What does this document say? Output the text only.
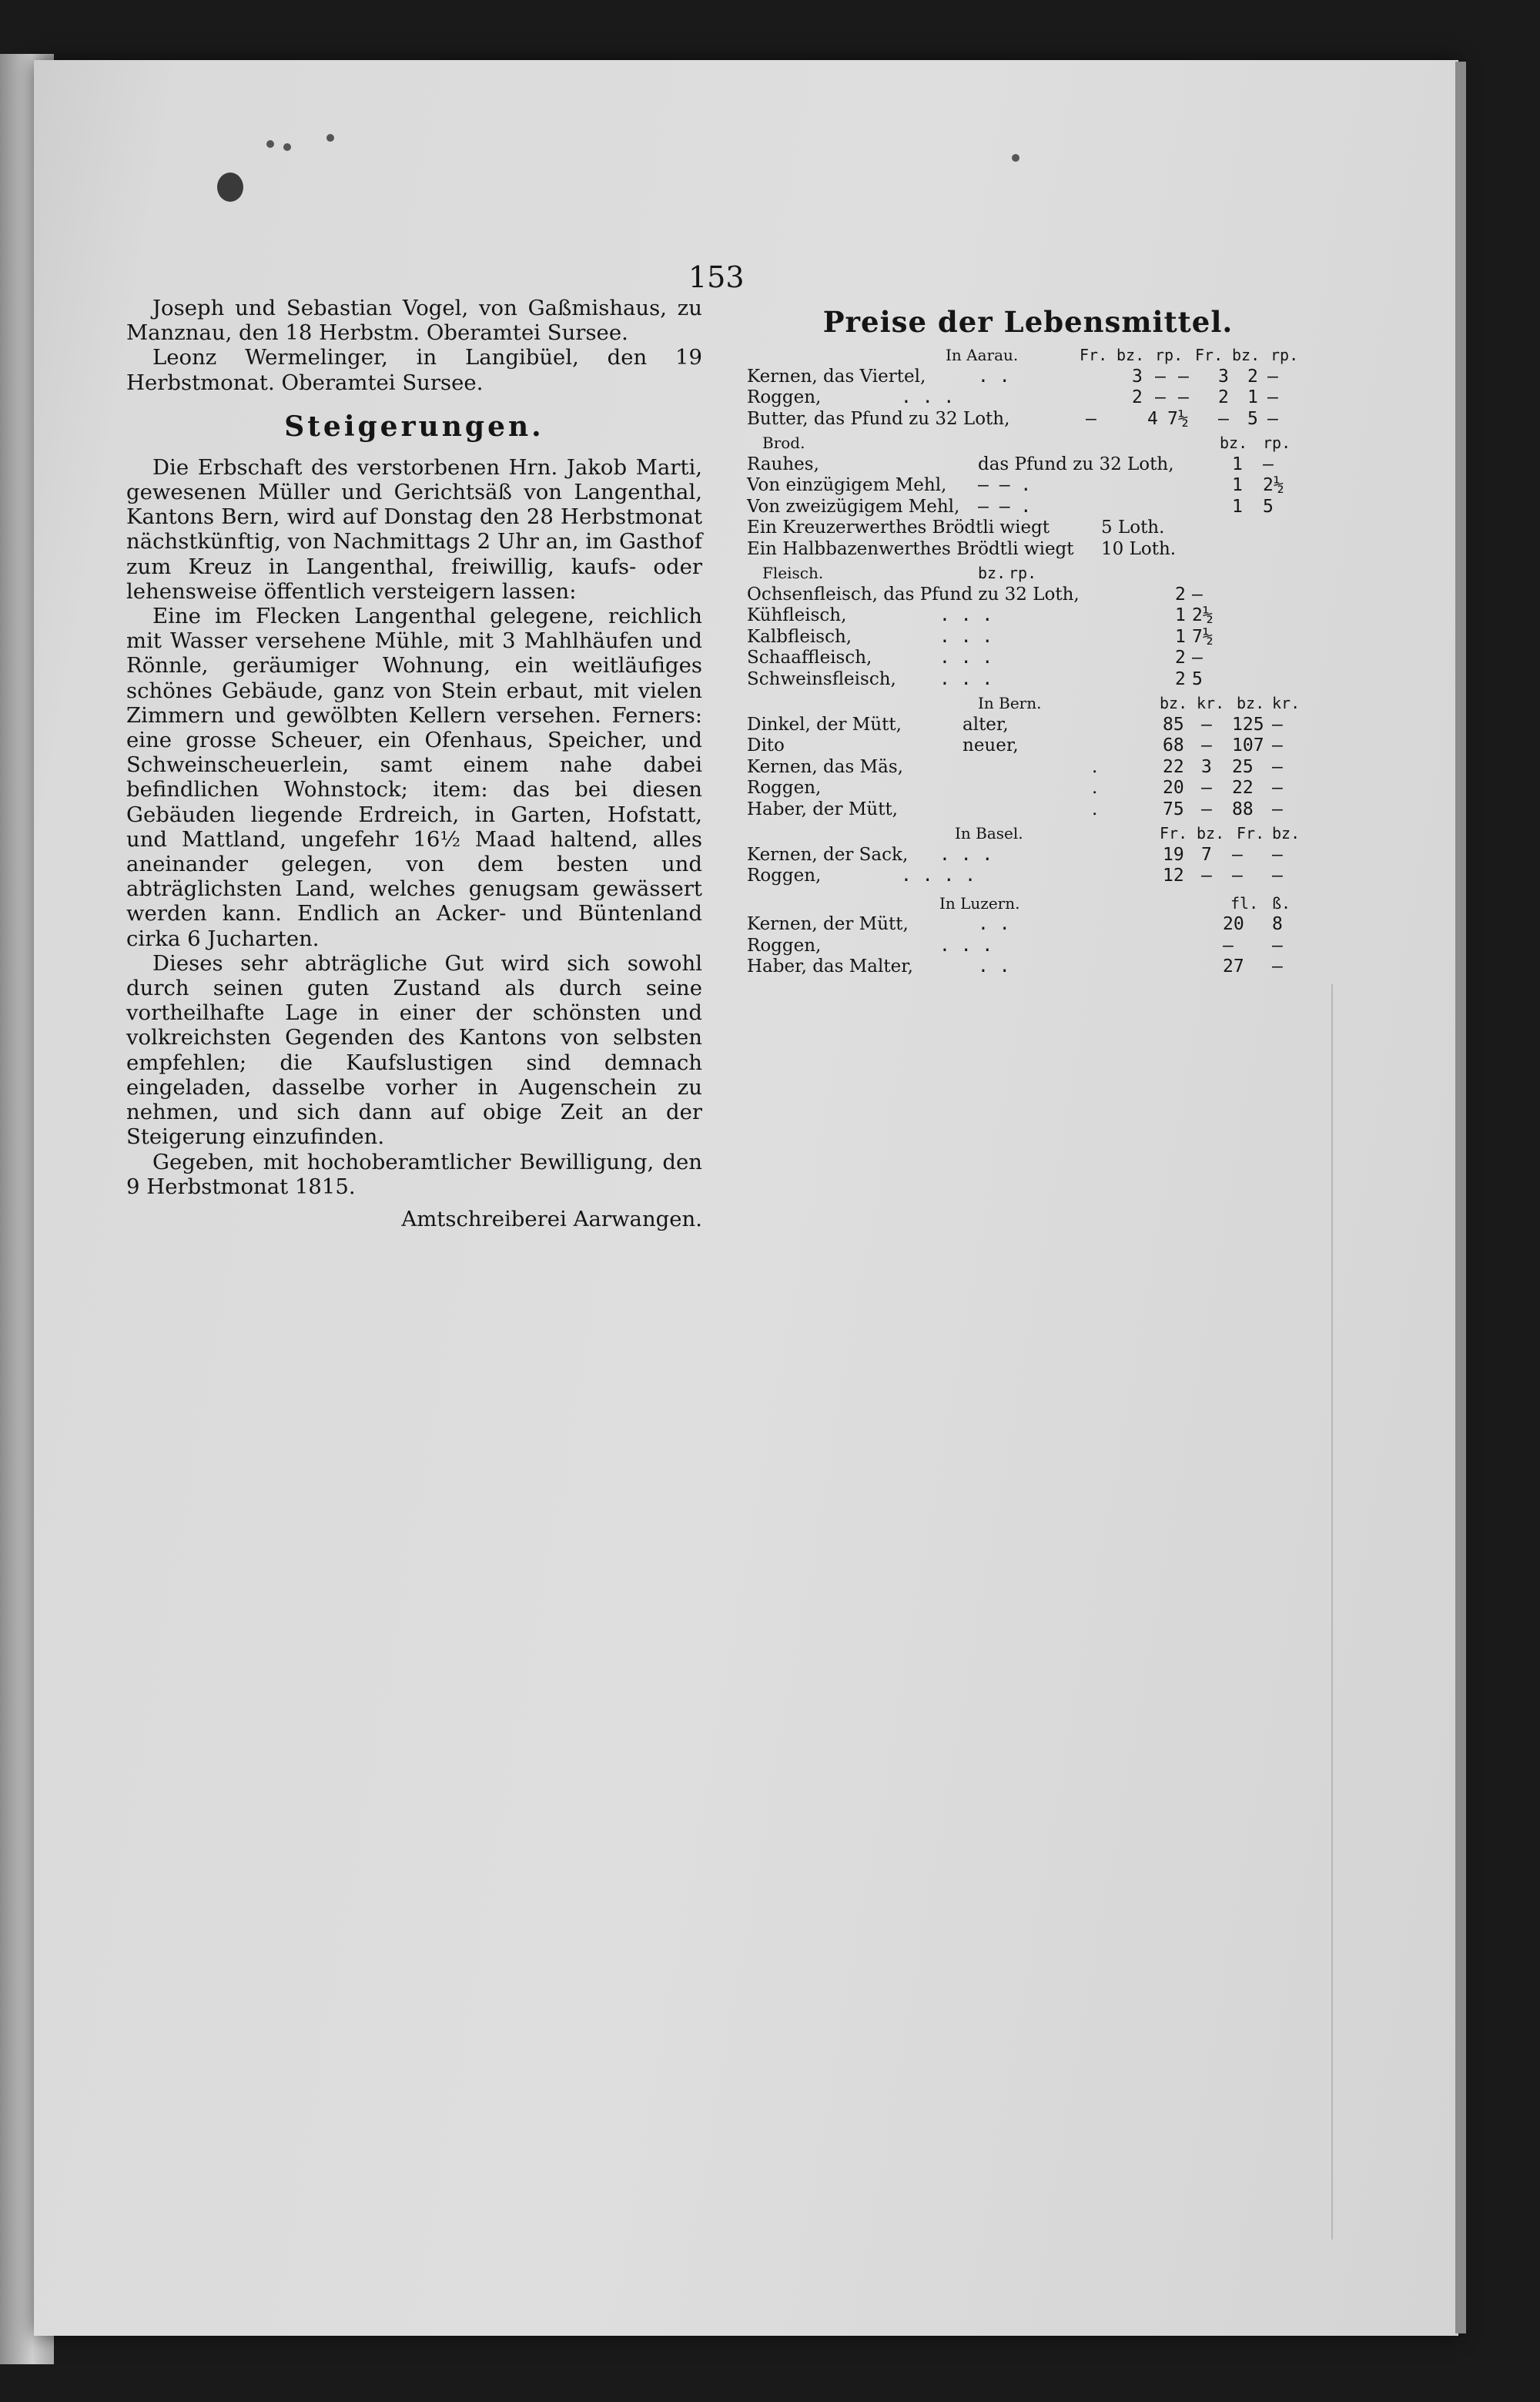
153

Joseph und Sebastian Vogel, von Gaßmishaus, zu Manznau, den 18 Herbstm. Oberamtei Sursee.

Leonz Wermelinger, in Langibüel, den 19 Herbstmonat. Oberamtei Sursee.

Steigerungen.

Die Erbschaft des verstorbenen Hrn. Jakob Marti, gewesenen Müller und Gerichtsäß von Langenthal, Kantons Bern, wird auf Donstag den 28 Herbstmonat nächstkünftig, von Nachmittags 2 Uhr an, im Gasthof zum Kreuz in Langenthal, freiwillig, kaufs- oder lehensweise öffentlich versteigern lassen:

Eine im Flecken Langenthal gelegene, reichlich mit Wasser versehene Mühle, mit 3 Mahlhäufen und Rönnle, geräumiger Wohnung, ein weitläufiges schönes Gebäude, ganz von Stein erbaut, mit vielen Zimmern und gewölbten Kellern versehen. Ferners: eine grosse Scheuer, ein Ofenhaus, Speicher, und Schweinscheuerlein, samt einem nahe dabei befindlichen Wohnstock; item: das bei diesen Gebäuden liegende Erdreich, in Garten, Hofstatt, und Mattland, ungefehr 16½ Maad haltend, alles aneinander gelegen, von dem besten und abträglichsten Land, welches genugsam gewässert werden kann. Endlich an Acker- und Büntenland cirka 6 Jucharten.

Dieses sehr abträgliche Gut wird sich sowohl durch seinen guten Zustand als durch seine vortheilhafte Lage in einer der schönsten und volkreichsten Gegenden des Kantons von selbsten empfehlen; die Kaufslustigen sind demnach eingeladen, dasselbe vorher in Augenschein zu nehmen, und sich dann auf obige Zeit an der Steigerung einzufinden.

Gegeben, mit hochoberamtlicher Bewilligung, den 9 Herbstmonat 1815.

Amtschreiberei Aarwangen.
Preise der Lebensmittel.
In Aarau.	Fr. bz. rp. Fr. bz. rp.
Kernen, das Viertel,	. .	3 — — 3 2 —
Roggen,	. . .	2 — — 2 1 —
Butter, das Pfund zu 32 Loth,	—	4 7½ — 5 —
Brod.	bz. rp.
Rauhes,	das Pfund zu 32 Loth,	1 —
Von einzügigem Mehl, — — .	1 2½
Von zweizügigem Mehl, — — .	1 5
Ein Kreuzerwerthes Brödtli wiegt	5 Loth.
Ein Halbbazenwerthes Brödtli wiegt 10 Loth.
Fleisch.	bz. rp.
Ochsenfleisch, das Pfund zu 32 Loth,	2 —
Kühfleisch,	. . .	1 2½
Kalbfleisch,	. . .	1 7½
Schaaffleisch,	. . .	2 —
Schweinsfleisch, . . .	2 5
In Bern.	bz. kr. bz. kr.
Dinkel, der Mütt,	alter,	85 — 125 —
Dito	neuer,	68 — 107 —
Kernen, das Mäs,	.	22 3 25 —
Roggen,	.	20 — 22 —
Haber, der Mütt,	.	75 — 88 —
In Basel.	Fr. bz. Fr. bz.
Kernen, der Sack, . . .	19 7 — —
Roggen,	. . . .	12 — — —
In Luzern.	fl. ß.
Kernen, der Mütt,	. .	20 8
Roggen,	. . .	— —
Haber, das Malter,	. .	27 —
